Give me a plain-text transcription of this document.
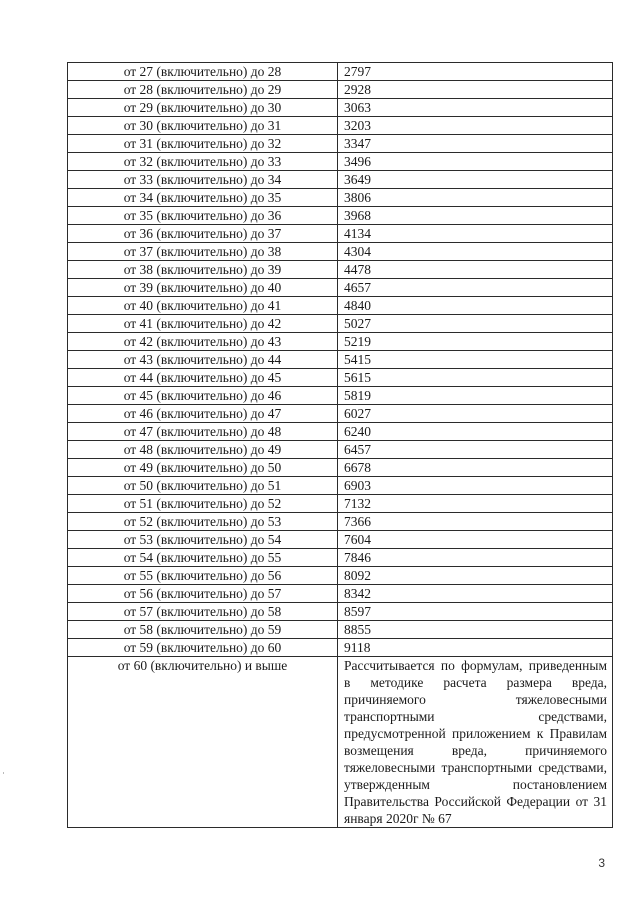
от 27 (включительно) до 28	2797
от 28 (включительно) до 29	2928
от 29 (включительно) до 30	3063
от 30 (включительно) до 31	3203
от 31 (включительно) до 32	3347
от 32 (включительно) до 33	3496
от 33 (включительно) до 34	3649
от 34 (включительно) до 35	3806
от 35 (включительно) до 36	3968
от 36 (включительно) до 37	4134
от 37 (включительно) до 38	4304
от 38 (включительно) до 39	4478
от 39 (включительно) до 40	4657
от 40 (включительно) до 41	4840
от 41 (включительно) до 42	5027
от 42 (включительно) до 43	5219
от 43 (включительно) до 44	5415
от 44 (включительно) до 45	5615
от 45 (включительно) до 46	5819
от 46 (включительно) до 47	6027
от 47 (включительно) до 48	6240
от 48 (включительно) до 49	6457
от 49 (включительно) до 50	6678
от 50 (включительно) до 51	6903
от 51 (включительно) до 52	7132
от 52 (включительно) до 53	7366
от 53 (включительно) до 54	7604
от 54 (включительно) до 55	7846
от 55 (включительно) до 56	8092
от 56 (включительно) до 57	8342
от 57 (включительно) до 58	8597
от 58 (включительно) до 59	8855
от 59 (включительно) до 60	9118
от 60 (включительно) и выше	Рассчитывается по формулам, приведенным в методике расчета размера вреда, причиняемого тяжеловесными транспортными средствами, предусмотренной приложением к Правилам возмещения вреда, причиняемого тяжеловесными транспортными средствами, утвержденным постановлением Правительства Российской Федерации от 31 января 2020г № 67
3
